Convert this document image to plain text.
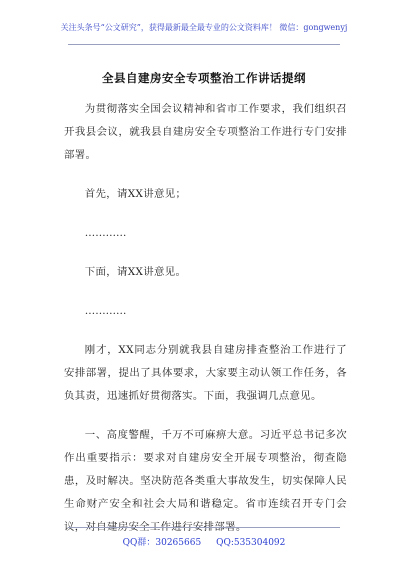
关注头条号“公文研究”，获得最新最全最专业的公文资料库！ 微信：gongwenyj
全县自建房安全专项整治工作讲话提纲

为贯彻落实全国会议精神和省市工作要求，我们组织召开我县会议，就我县自建房安全专项整治工作进行专门安排部署。

首先，请XX讲意见；

…………

下面，请XX讲意见。

…………

刚才，XX同志分别就我县自建房排查整治工作进行了安排部署，提出了具体要求，大家要主动认领工作任务，各负其责，迅速抓好贯彻落实。下面，我强调几点意见。

一、高度警醒，千万不可麻痹大意。习近平总书记多次作出重要指示：要求对自建房安全开展专项整治，彻查隐患，及时解决。坚决防范各类重大事故发生，切实保障人民生命财产安全和社会大局和谐稳定。省市连续召开专门会议，对自建房安全工作进行安排部署。

QQ群：30265665 QQ:535304092
